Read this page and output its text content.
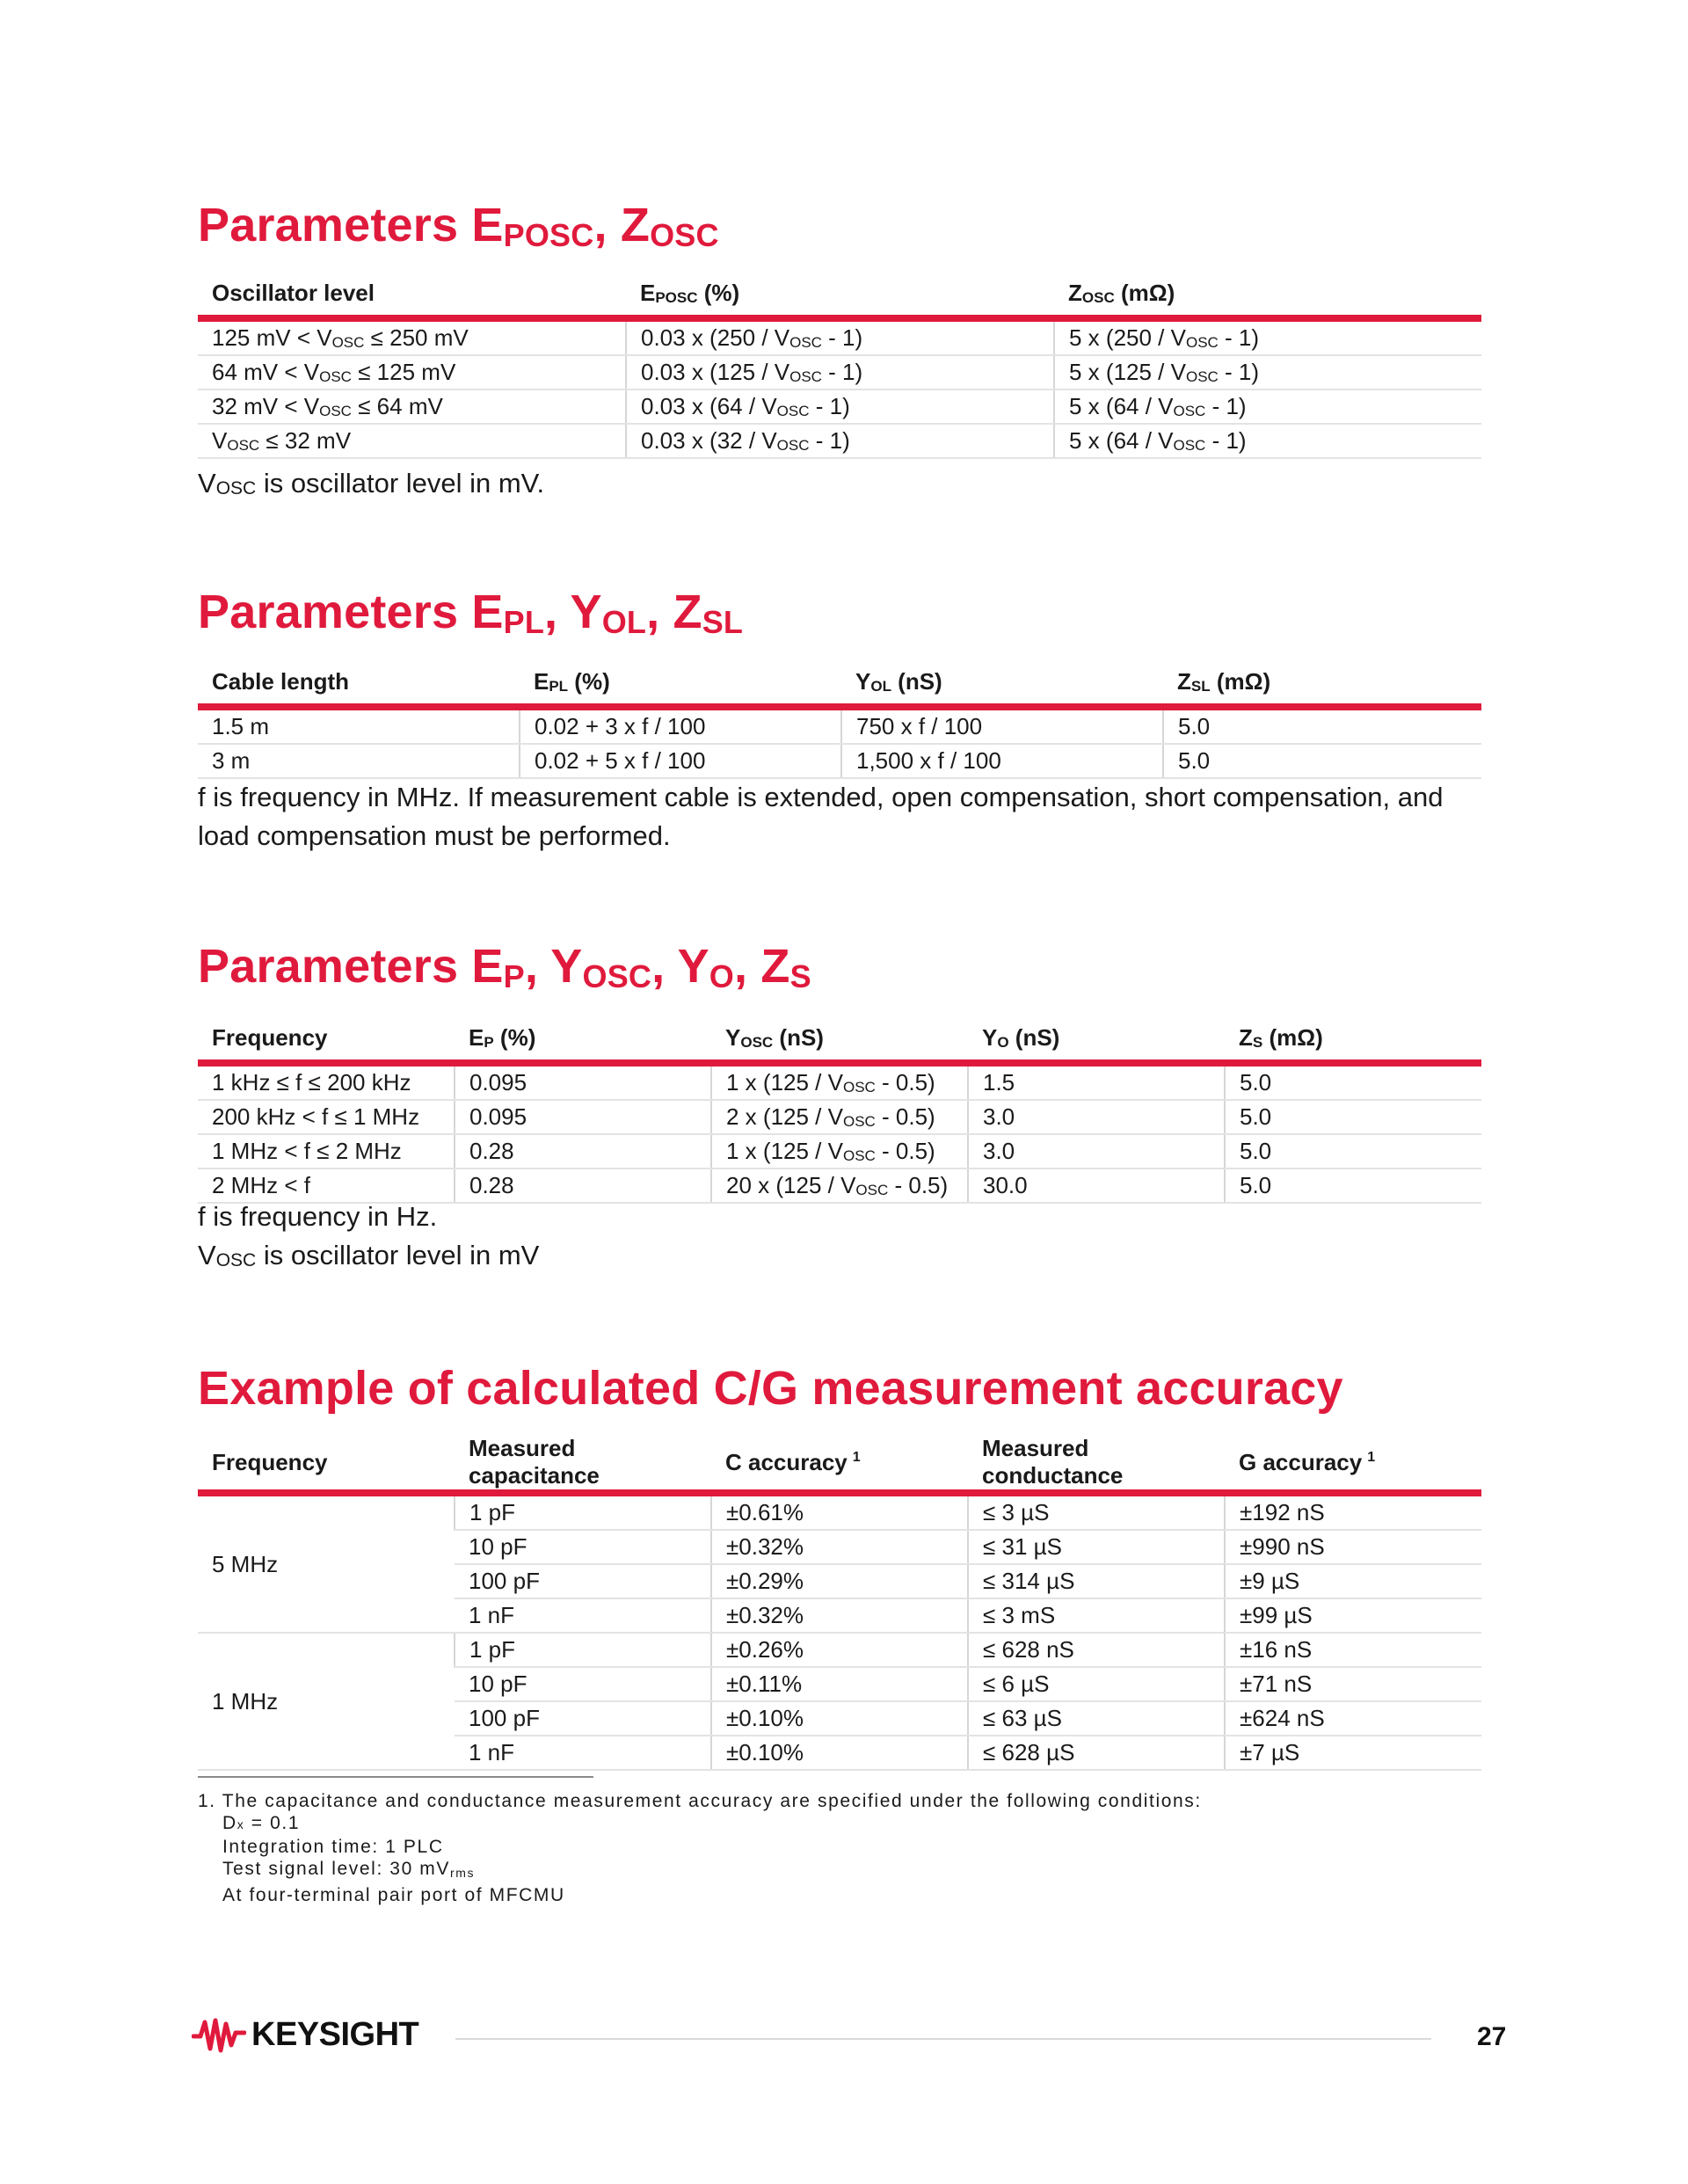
Parameters EPOSC, ZOSC
Oscillator level	EPOSC (%)	ZOSC (mΩ)
125 mV < VOSC ≤ 250 mV	0.03 x (250 / VOSC - 1)	5 x (250 / VOSC - 1)
64 mV < VOSC ≤ 125 mV	0.03 x (125 / VOSC - 1)	5 x (125 / VOSC - 1)
32 mV < VOSC ≤ 64 mV	0.03 x (64 / VOSC - 1)	5 x (64 / VOSC - 1)
VOSC ≤ 32 mV	0.03 x (32 / VOSC - 1)	5 x (64 / VOSC - 1)

VOSC is oscillator level in mV.

Parameters EPL, YOL, ZSL
Cable length	EPL (%)	YOL (nS)	ZSL (mΩ)
1.5 m	0.02 + 3 x f / 100	750 x f / 100	5.0
3 m	0.02 + 5 x f / 100	1,500 x f / 100	5.0

f is frequency in MHz. If measurement cable is extended, open compensation, short compensation, and load compensation must be performed.

Parameters EP, YOSC, YO, ZS
Frequency	EP (%)	YOSC (nS)	YO (nS)	ZS (mΩ)
1 kHz ≤ f ≤ 200 kHz	0.095	1 x (125 / VOSC - 0.5)	1.5	5.0
200 kHz < f ≤ 1 MHz	0.095	2 x (125 / VOSC - 0.5)	3.0	5.0
1 MHz < f ≤ 2 MHz	0.28	1 x (125 / VOSC - 0.5)	3.0	5.0
2 MHz < f	0.28	20 x (125 / VOSC - 0.5)	30.0	5.0

f is frequency in Hz.

VOSC is oscillator level in mV

Example of calculated C/G measurement accuracy
Frequency	Measured capacitance	C accuracy $^1$	Measured conductance	G accuracy $^1$
5 MHz	1 pF	±0.61%	≤ 3 µS	±192 nS
	10 pF	±0.32%	≤ 31 µS	±990 nS
	100 pF	±0.29%	≤ 314 µS	±9 µS
	1 nF	±0.32%	≤ 3 mS	±99 µS
1 MHz	1 pF	±0.26%	≤ 628 nS	±16 nS
	10 pF	±0.11%	≤ 6 µS	±71 nS
	100 pF	±0.10%	≤ 63 µS	±624 nS
	1 nF	±0.10%	≤ 628 µS	±7 µS

1. The capacitance and conductance measurement accuracy are specified under the following conditions:
Dx = 0.1
Integration time: 1 PLC
Test signal level: 30 mVrms
At four-terminal pair port of MFCMU

KEYSIGHT	27
